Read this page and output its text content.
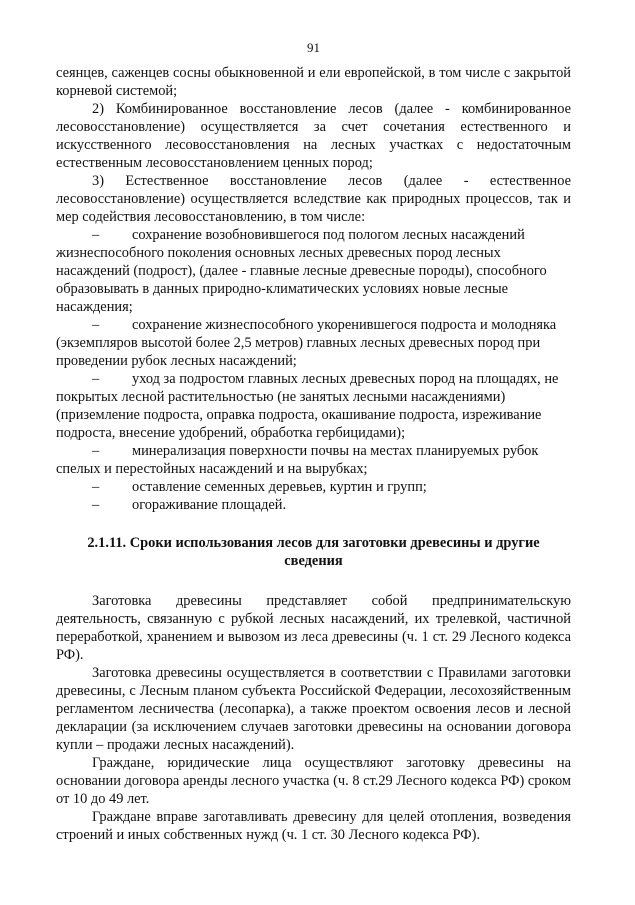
91

сеянцев, саженцев сосны обыкновенной и ели европейской, в том числе с закрытой корневой системой;

2) Комбинированное восстановление лесов (далее - комбинированное лесовосстановление) осуществляется за счет сочетания естественного и искусственного лесовосстановления на лесных участках с недостаточным естественным лесовосстановлением ценных пород;

3) Естественное восстановление лесов (далее - естественное лесовосстановление) осуществляется вследствие как природных процессов, так и мер содействия лесовосстановлению, в том числе:

– сохранение возобновившегося под пологом лесных насаждений жизнеспособного поколения основных лесных древесных пород лесных насаждений (подрост), (далее - главные лесные древесные породы), способного образовывать в данных природно-климатических условиях новые лесные насаждения;
– сохранение жизнеспособного укоренившегося подроста и молодняка (экземпляров высотой более 2,5 метров) главных лесных древесных пород при проведении рубок лесных насаждений;
– уход за подростом главных лесных древесных пород на площадях, не покрытых лесной растительностью (не занятых лесными насаждениями) (приземление подроста, оправка подроста, окашивание подроста, изреживание подроста, внесение удобрений, обработка гербицидами);
– минерализация поверхности почвы на местах планируемых рубок спелых и перестойных насаждений и на вырубках;
–	оставление семенных деревьев, куртин и групп;
–	огораживание площадей.
2.1.11. Сроки использования лесов для заготовки древесины и другие сведения

Заготовка древесины представляет собой предпринимательскую деятельность, связанную с рубкой лесных насаждений, их трелевкой, частичной переработкой, хранением и вывозом из леса древесины (ч. 1 ст. 29 Лесного кодекса РФ).

Заготовка древесины осуществляется в соответствии с Правилами заготовки древесины, с Лесным планом субъекта Российской Федерации, лесохозяйственным регламентом лесничества (лесопарка), а также проектом освоения лесов и лесной декларации (за исключением случаев заготовки древесины на основании договора купли – продажи лесных насаждений).

Граждане, юридические лица осуществляют заготовку древесины на основании договора аренды лесного участка (ч. 8 ст.29 Лесного кодекса РФ) сроком от 10 до 49 лет.

Граждане вправе заготавливать древесину для целей отопления, возведения строений и иных собственных нужд (ч. 1 ст. 30 Лесного кодекса РФ).
